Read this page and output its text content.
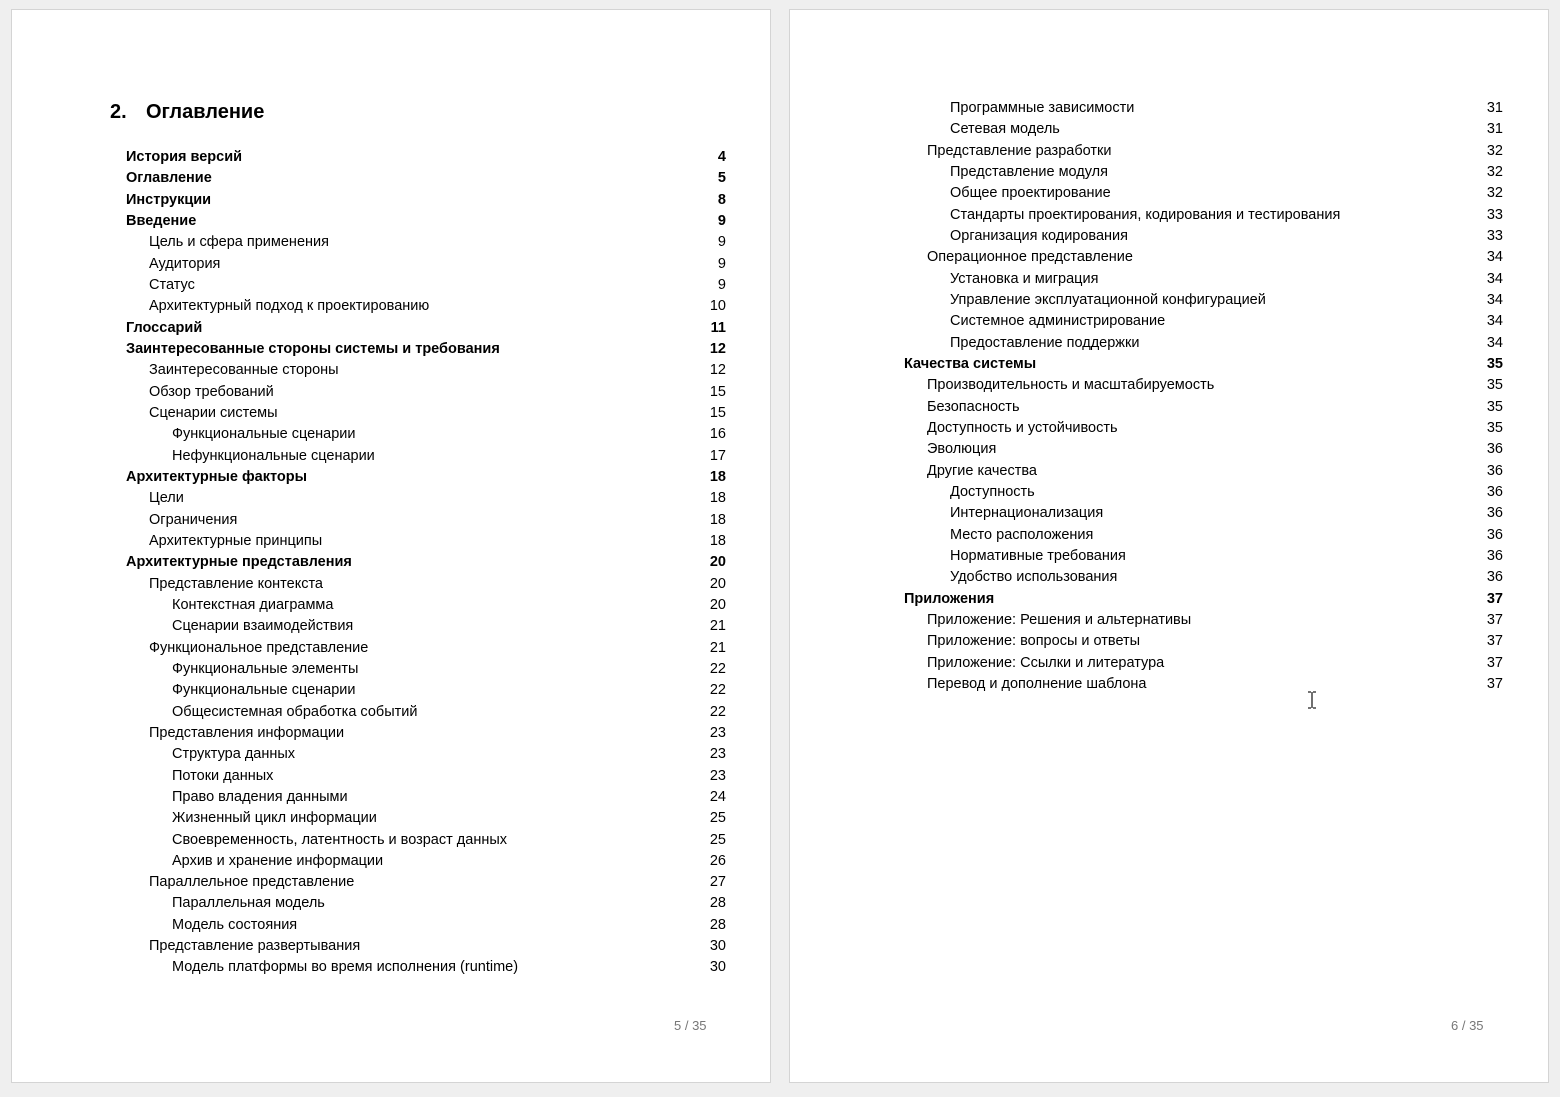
2. Оглавление
История версий	4
Оглавление	5
Инструкции	8
Введение	9
Цель и сфера применения	9
Аудитория	9
Статус	9
Архитектурный подход к проектированию	10
Глоссарий	11
Заинтересованные стороны системы и требования	12
Заинтересованные стороны	12
Обзор требований	15
Сценарии системы	15
Функциональные сценарии	16
Нефункциональные сценарии	17
Архитектурные факторы	18
Цели	18
Ограничения	18
Архитектурные принципы	18
Архитектурные представления	20
Представление контекста	20
Контекстная диаграмма	20
Сценарии взаимодействия	21
Функциональное представление	21
Функциональные элементы	22
Функциональные сценарии	22
Общесистемная обработка событий	22
Представления информации	23
Структура данных	23
Потоки данных	23
Право владения данными	24
Жизненный цикл информации	25
Своевременность, латентность и возраст данных	25
Архив и хранение информации	26
Параллельное представление	27
Параллельная модель	28
Модель состояния	28
Представление развертывания	30
Модель платформы во время исполнения (runtime)	30
5 / 35
Программные зависимости	31
Сетевая модель	31
Представление разработки	32
Представление модуля	32
Общее проектирование	32
Стандарты проектирования, кодирования и тестирования	33
Организация кодирования	33
Операционное представление	34
Установка и миграция	34
Управление эксплуатационной конфигурацией	34
Системное администрирование	34
Предоставление поддержки	34
Качества системы	35
Производительность и масштабируемость	35
Безопасность	35
Доступность и устойчивость	35
Эволюция	36
Другие качества	36
Доступность	36
Интернационализация	36
Место расположения	36
Нормативные требования	36
Удобство использования	36
Приложения	37
Приложение: Решения и альтернативы	37
Приложение: вопросы и ответы	37
Приложение: Ссылки и литература	37
Перевод и дополнение шаблона	37
6 / 35
